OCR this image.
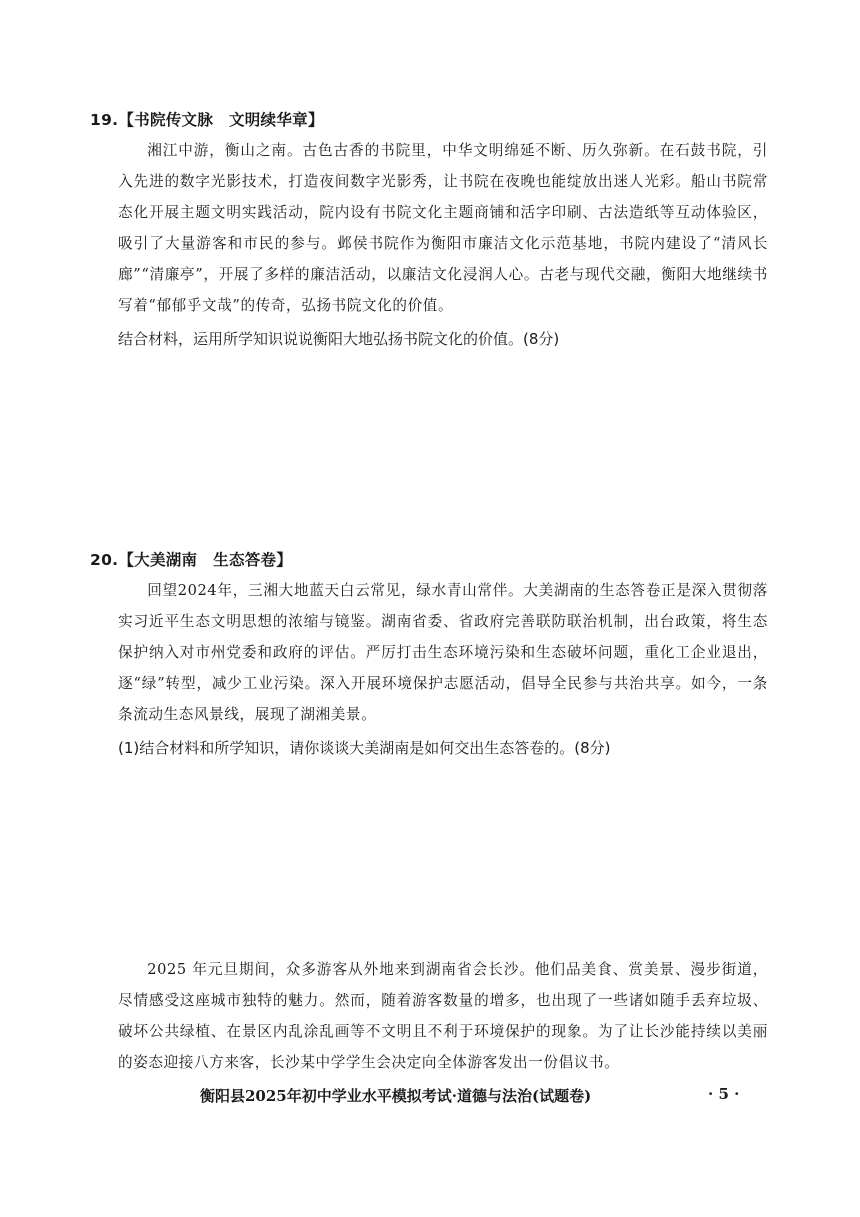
19.【书院传文脉　文明续华章】
湘江中游，衡山之南。古色古香的书院里，中华文明绵延不断、历久弥新。在石鼓书院，引入先进的数字光影技术，打造夜间数字光影秀，让书院在夜晚也能绽放出迷人光彩。船山书院常态化开展主题文明实践活动，院内设有书院文化主题商铺和活字印刷、古法造纸等互动体验区，吸引了大量游客和市民的参与。邺侯书院作为衡阳市廉洁文化示范基地，书院内建设了“清风长廊”“清廉亭”，开展了多样的廉洁活动，以廉洁文化浸润人心。古老与现代交融，衡阳大地继续书写着“郁郁乎文哉”的传奇，弘扬书院文化的价值。
结合材料，运用所学知识说说衡阳大地弘扬书院文化的价值。(8分)
20.【大美湖南　生态答卷】
回望2024年，三湘大地蓝天白云常见，绿水青山常伴。大美湖南的生态答卷正是深入贯彻落实习近平生态文明思想的浓缩与镜鉴。湖南省委、省政府完善联防联治机制，出台政策，将生态保护纳入对市州党委和政府的评估。严厉打击生态环境污染和生态破坏问题，重化工企业退出，逐“绿”转型，减少工业污染。深入开展环境保护志愿活动，倡导全民参与共治共享。如今，一条条流动生态风景线，展现了湖湘美景。
(1)结合材料和所学知识，请你谈谈大美湖南是如何交出生态答卷的。(8分)
2025 年元旦期间，众多游客从外地来到湖南省会长沙。他们品美食、赏美景、漫步街道，尽情感受这座城市独特的魅力。然而，随着游客数量的增多，也出现了一些诸如随手丢弃垃圾、破坏公共绿植、在景区内乱涂乱画等不文明且不利于环境保护的现象。为了让长沙能持续以美丽的姿态迎接八方来客，长沙某中学学生会决定向全体游客发出一份倡议书。
衡阳县2025年初中学业水平模拟考试·道德与法治(试题卷)	· 5 ·
